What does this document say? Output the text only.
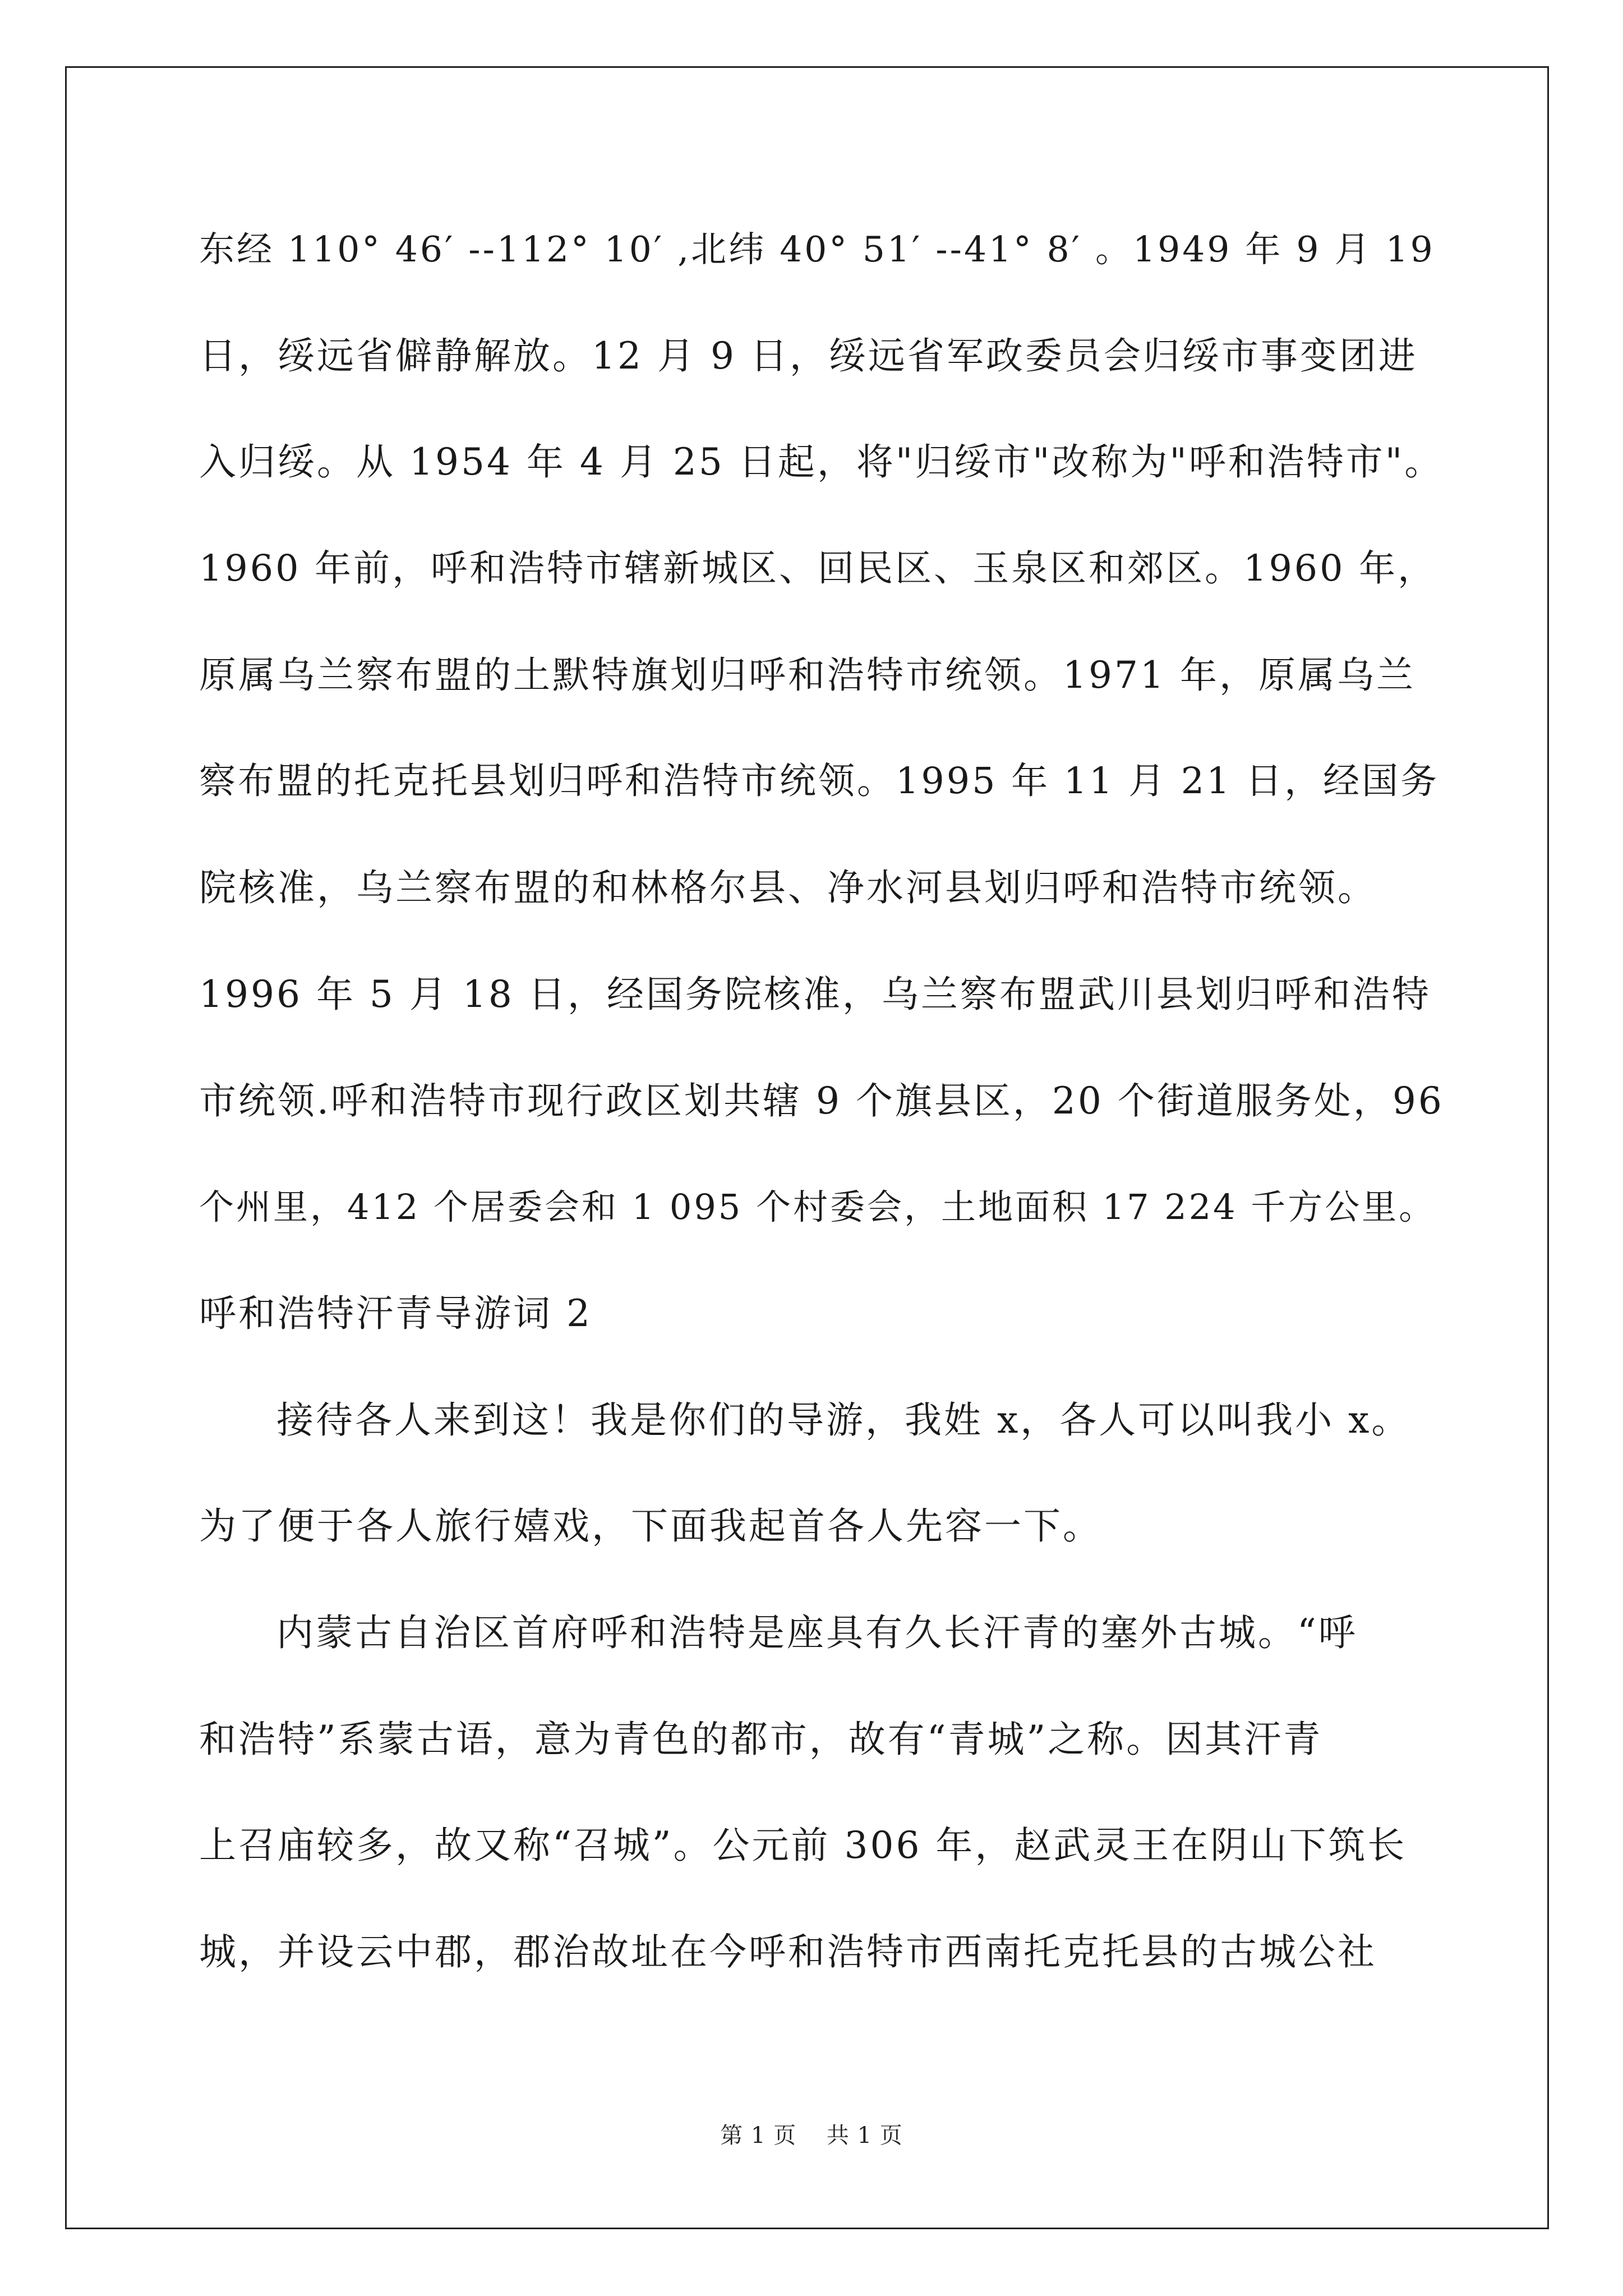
东经 110° 46′ --112° 10′ ,北纬 40° 51′ --41° 8′ 。1949 年 9 月 19
日，绥远省僻静解放。12 月 9 日，绥远省军政委员会归绥市事变团进
入归绥。从 1954 年 4 月 25 日起，将"归绥市"改称为"呼和浩特市"。
1960 年前，呼和浩特市辖新城区、回民区、玉泉区和郊区。1960 年，
原属乌兰察布盟的土默特旗划归呼和浩特市统领。1971 年，原属乌兰
察布盟的托克托县划归呼和浩特市统领。1995 年 11 月 21 日，经国务
院核准，乌兰察布盟的和林格尔县、净水河县划归呼和浩特市统领。
1996 年 5 月 18 日，经国务院核准，乌兰察布盟武川县划归呼和浩特
市统领.呼和浩特市现行政区划共辖 9 个旗县区，20 个街道服务处，96
个州里，412 个居委会和 1 095 个村委会，土地面积 17 224 千方公里。
呼和浩特汗青导游词 2
接待各人来到这！我是你们的导游，我姓 x，各人可以叫我小 x。
为了便于各人旅行嬉戏，下面我起首各人先容一下。
内蒙古自治区首府呼和浩特是座具有久长汗青的塞外古城。“呼
和浩特”系蒙古语，意为青色的都市，故有“青城”之称。因其汗青
上召庙较多，故又称“召城”。公元前 306 年，赵武灵王在阴山下筑长
城，并设云中郡，郡治故址在今呼和浩特市西南托克托县的古城公社
第 1 页 共 1 页
